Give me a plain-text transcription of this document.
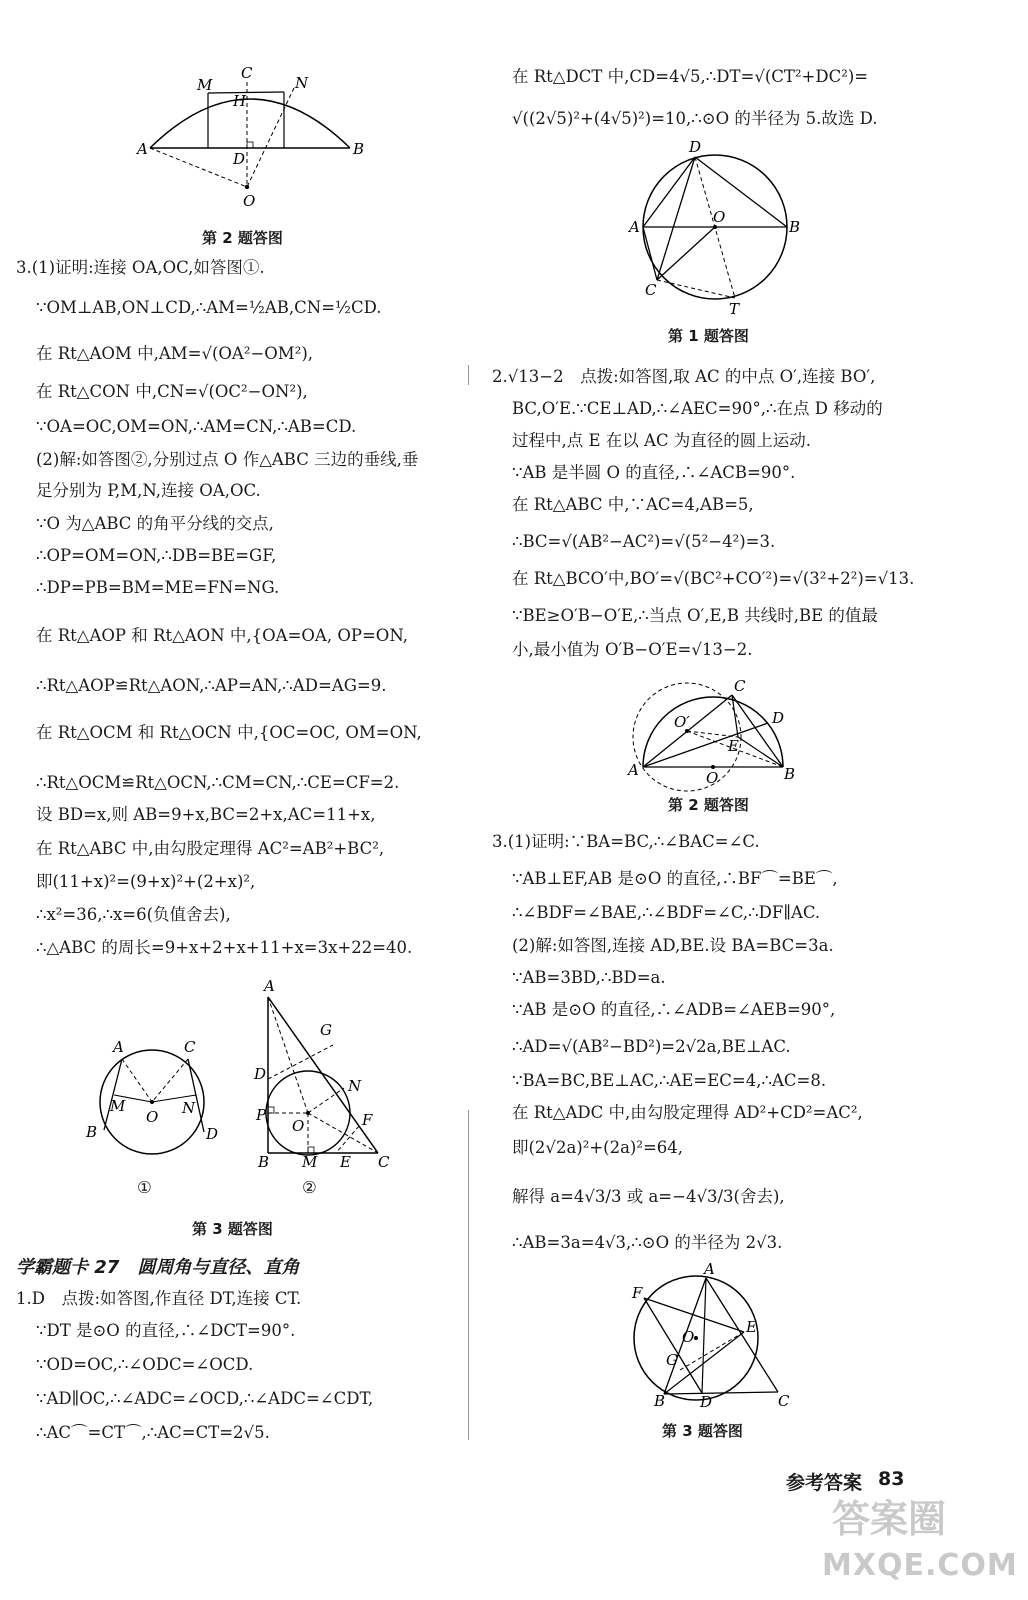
A	B
C
M	N
H
D
O
第 2 题答图
3.(1)证明:连接 OA,OC,如答图①.
∵OM⊥AB,ON⊥CD,∴AM=½AB,CN=½CD.
在 Rt△AOM 中,AM=√(OA²−OM²),
在 Rt△CON 中,CN=√(OC²−ON²),
∵OA=OC,OM=ON,∴AM=CN,∴AB=CD.
(2)解:如答图②,分别过点 O 作△ABC 三边的垂线,垂
足分别为 P,M,N,连接 OA,OC.
∵O 为△ABC 的角平分线的交点,
∴OP=OM=ON,∴DB=BE=GF,
∴DP=PB=BM=ME=FN=NG.
在 Rt△AOP 和 Rt△AON 中,{OA=OA, OP=ON,
∴Rt△AOP≌Rt△AON,∴AP=AN,∴AD=AG=9.
在 Rt△OCM 和 Rt△OCN 中,{OC=OC, OM=ON,
∴Rt△OCM≌Rt△OCN,∴CM=CN,∴CE=CF=2.
设 BD=x,则 AB=9+x,BC=2+x,AC=11+x,
在 Rt△ABC 中,由勾股定理得 AC²=AB²+BC²,
即(11+x)²=(9+x)²+(2+x)²,
∴x²=36,∴x=6(负值舍去),
∴△ABC 的周长=9+x+2+x+11+x=3x+22=40.
A	C
M	N
O
B	D
①
A
G
D
N
P
O	F
B M E C
②
第 3 题答图
学霸题卡 27　圆周角与直径、直角
1.D　点拨:如答图,作直径 DT,连接 CT.
∵DT 是⊙O 的直径,∴∠DCT=90°.
∵OD=OC,∴∠ODC=∠OCD.
∵AD∥OC,∴∠ADC=∠OCD,∴∠ADC=∠CDT,
∴AC⌒=CT⌒,∴AC=CT=2√5.
在 Rt△DCT 中,CD=4√5,∴DT=√(CT²+DC²)=
√((2√5)²+(4√5)²)=10,∴⊙O 的半径为 5.故选 D.
D
A	B
O
C
T
第 1 题答图
2.√13−2　点拨:如答图,取 AC 的中点 O′,连接 BO′,
BC,O′E.∵CE⊥AD,∴∠AEC=90°,∴在点 D 移动的
过程中,点 E 在以 AC 为直径的圆上运动.
∵AB 是半圆 O 的直径,∴∠ACB=90°.
在 Rt△ABC 中,∵AC=4,AB=5,
∴BC=√(AB²−AC²)=√(5²−4²)=3.
在 Rt△BCO′中,BO′=√(BC²+CO′²)=√(3²+2²)=√13.
∵BE≥O′B−O′E,∴当点 O′,E,B 共线时,BE 的值最
小,最小值为 O′B−O′E=√13−2.
C
D
O′
E
A	B
O
第 2 题答图
3.(1)证明:∵BA=BC,∴∠BAC=∠C.
∵AB⊥EF,AB 是⊙O 的直径,∴BF⌒=BE⌒,
∴∠BDF=∠BAE,∴∠BDF=∠C,∴DF∥AC.
(2)解:如答图,连接 AD,BE.设 BA=BC=3a.
∵AB=3BD,∴BD=a.
∵AB 是⊙O 的直径,∴∠ADB=∠AEB=90°,
∴AD=√(AB²−BD²)=2√2a,BE⊥AC.
∵BA=BC,BE⊥AC,∴AE=EC=4,∴AC=8.
在 Rt△ADC 中,由勾股定理得 AD²+CD²=AC²,
即(2√2a)²+(2a)²=64,
解得 a=4√3/3 或 a=−4√3/3(舍去),
∴AB=3a=4√3,∴⊙O 的半径为 2√3.
A
F
E
O
G
B D	C
第 3 题答图
参考答案 83
答案圈
MXQE.COM
